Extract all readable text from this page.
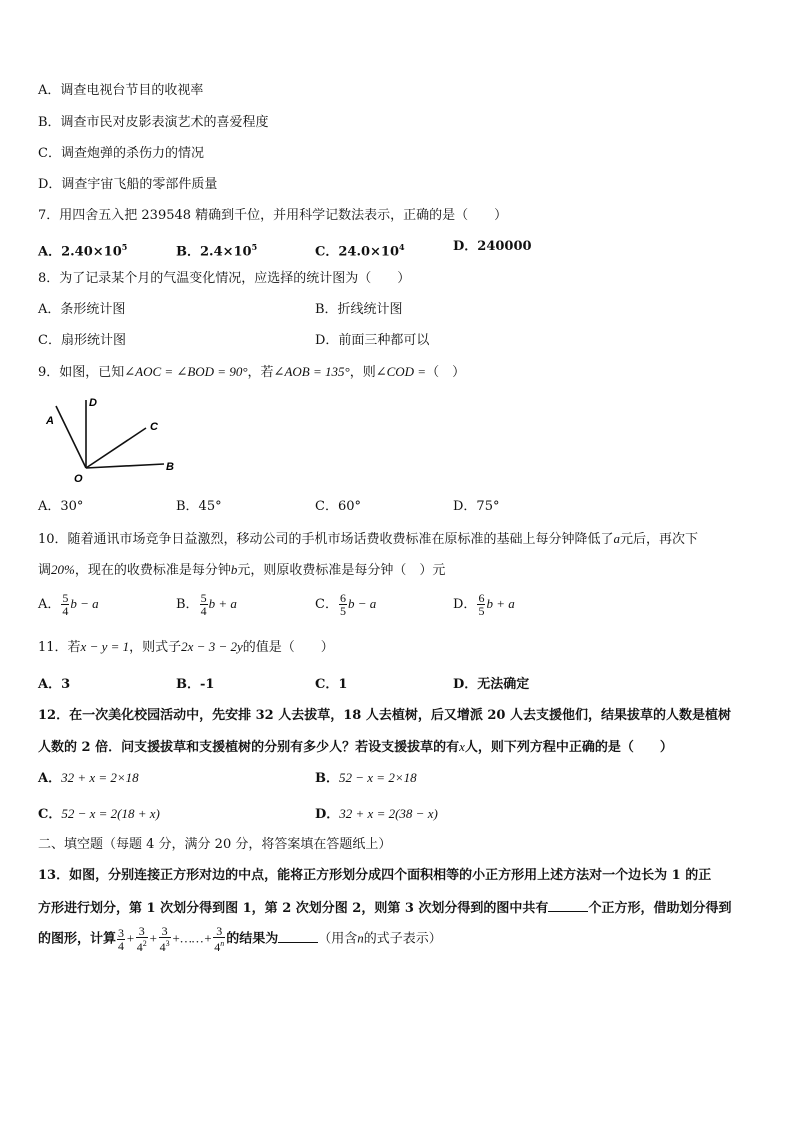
A．调查电视台节目的收视率
B．调查市民对皮影表演艺术的喜爱程度
C．调查炮弹的杀伤力的情况
D．调查宇宙飞船的零部件质量
7．用四舍五入把 239548 精确到千位，并用科学记数法表示，正确的是（　　）
A．$2.40\times 10^5$	B．$2.4\times 10^5$	C．$24.0\times 10^4$	D．240000
8．为了记录某个月的气温变化情况，应选择的统计图为（　　）
A．条形统计图	B．折线统计图
C．扇形统计图	D．前面三种都可以
9．如图，已知∠AOC = ∠BOD = 90°，若∠AOB = 135°，则∠COD =（　）
A
D
C
O
B
A．30°	B．45°	C．60°	D．75°
10．随着通讯市场竞争日益激烈，移动公司的手机市场话费收费标准在原标准的基础上每分钟降低了a元后，再次下
调20%，现在的收费标准是每分钟b元，则原收费标准是每分钟（　）元
A． $\frac{5}{4}$ b − a	B． $\frac{5}{4}$ b + a	C． $\frac{6}{5}$ b − a	D． $\frac{6}{5}$ b + a
11．若x − y = 1，则式子2x − 3 − 2y的值是（　　）
A．3	B．-1	C．1	D．无法确定
12．在一次美化校园活动中，先安排 32 人去拔草，18 人去植树，后又增派 20 人去支援他们，结果拔草的人数是植树
人数的 2 倍．问支援拔草和支援植树的分别有多少人？若设支援拔草的有x人，则下列方程中正确的是（　　）
A．32 + x = 2×18	B．52 − x = 2×18
C．52 − x = 2(18 + x)	D．32 + x = 2(38 − x)
二、填空题（每题 4 分，满分 20 分，将答案填在答题纸上）
13．如图，分别连接正方形对边的中点，能将正方形划分成四个面积相等的小正方形用上述方法对一个边长为 1 的正
方形进行划分，第 1 次划分得到图 1，第 2 次划分图 2，则第 3 次划分得到的图中共有	个正方形，借助划分得到
的图形，计算 $\frac{3}{4} + \frac{3}{4^2} + \frac{3}{4^3}$ +……+ $\frac{3}{4^n}$ 的结果为	（用含n的式子表示）
